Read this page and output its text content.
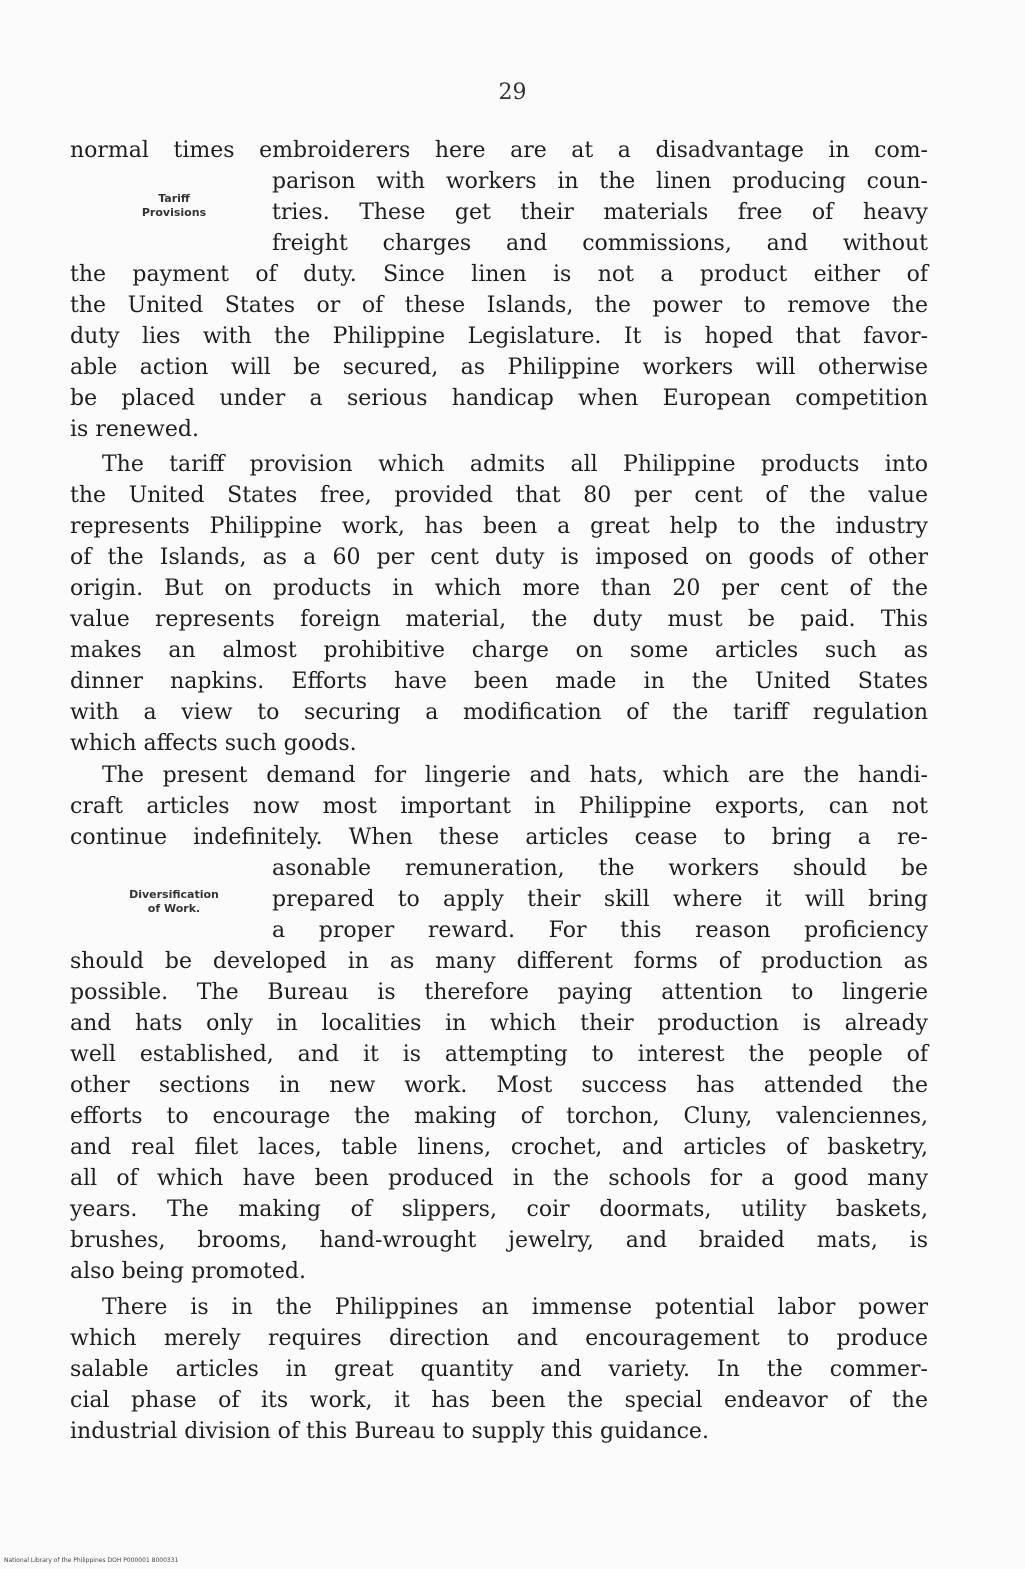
29
Tariff
Provisions
Diversification
of Work.
normal times embroiderers here are at a disadvantage in com-
parison with workers in the linen producing coun-
tries. These get their materials free of heavy
freight charges and commissions, and without
the payment of duty. Since linen is not a product either of
the United States or of these Islands, the power to remove the
duty lies with the Philippine Legislature. It is hoped that favor-
able action will be secured, as Philippine workers will otherwise
be placed under a serious handicap when European competition
is renewed.
The tariff provision which admits all Philippine products into
the United States free, provided that 80 per cent of the value
represents Philippine work, has been a great help to the industry
of the Islands, as a 60 per cent duty is imposed on goods of other
origin. But on products in which more than 20 per cent of the
value represents foreign material, the duty must be paid. This
makes an almost prohibitive charge on some articles such as
dinner napkins. Efforts have been made in the United States
with a view to securing a modification of the tariff regulation
which affects such goods.
The present demand for lingerie and hats, which are the handi-
craft articles now most important in Philippine exports, can not
continue indefinitely. When these articles cease to bring a re-
asonable remuneration, the workers should be
prepared to apply their skill where it will bring
a proper reward. For this reason proficiency
should be developed in as many different forms of production as
possible. The Bureau is therefore paying attention to lingerie
and hats only in localities in which their production is already
well established, and it is attempting to interest the people of
other sections in new work. Most success has attended the
efforts to encourage the making of torchon, Cluny, valenciennes,
and real filet laces, table linens, crochet, and articles of basketry,
all of which have been produced in the schools for a good many
years. The making of slippers, coir doormats, utility baskets,
brushes, brooms, hand-wrought jewelry, and braided mats, is
also being promoted.
There is in the Philippines an immense potential labor power
which merely requires direction and encouragement to produce
salable articles in great quantity and variety. In the commer-
cial phase of its work, it has been the special endeavor of the
industrial division of this Bureau to supply this guidance.
National Library of the Philippines DOH P000001 8000331
